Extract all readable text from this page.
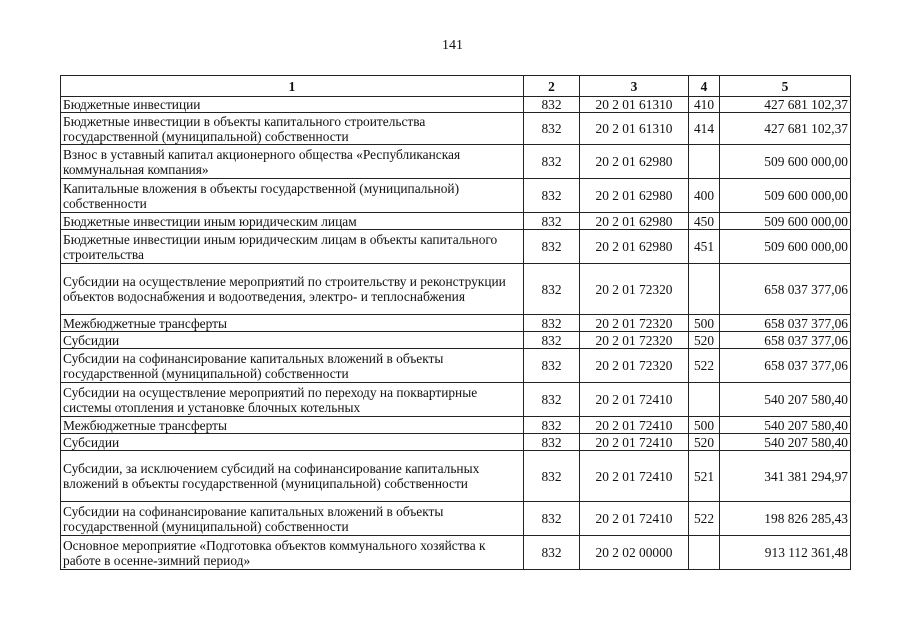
141
1	2	3	4	5
Бюджетные инвестиции	832	20 2 01 61310	410	427 681 102,37
Бюджетные инвестиции в объекты капитального строительства государственной (муниципальной) собственности	832	20 2 01 61310	414	427 681 102,37
Взнос в уставный капитал акционерного общества «Республиканская коммунальная компания»	832	20 2 01 62980		509 600 000,00
Капитальные вложения в объекты государственной (муниципальной) собственности	832	20 2 01 62980	400	509 600 000,00
Бюджетные инвестиции иным юридическим лицам	832	20 2 01 62980	450	509 600 000,00
Бюджетные инвестиции иным юридическим лицам в объекты капитального строительства	832	20 2 01 62980	451	509 600 000,00
Субсидии на осуществление мероприятий по строительству и реконструкции объектов водоснабжения и водоотведения, электро- и теплоснабжения	832	20 2 01 72320		658 037 377,06
Межбюджетные трансферты	832	20 2 01 72320	500	658 037 377,06
Субсидии	832	20 2 01 72320	520	658 037 377,06
Субсидии на софинансирование капитальных вложений в объекты государственной (муниципальной) собственности	832	20 2 01 72320	522	658 037 377,06
Субсидии на осуществление мероприятий по переходу на поквартирные системы отопления и установке блочных котельных	832	20 2 01 72410		540 207 580,40
Межбюджетные трансферты	832	20 2 01 72410	500	540 207 580,40
Субсидии	832	20 2 01 72410	520	540 207 580,40
Субсидии, за исключением субсидий на софинансирование капитальных вложений в объекты государственной (муниципальной) собственности	832	20 2 01 72410	521	341 381 294,97
Субсидии на софинансирование капитальных вложений в объекты государственной (муниципальной) собственности	832	20 2 01 72410	522	198 826 285,43
Основное мероприятие «Подготовка объектов коммунального хозяйства к работе в осенне-зимний период»	832	20 2 02 00000		913 112 361,48
